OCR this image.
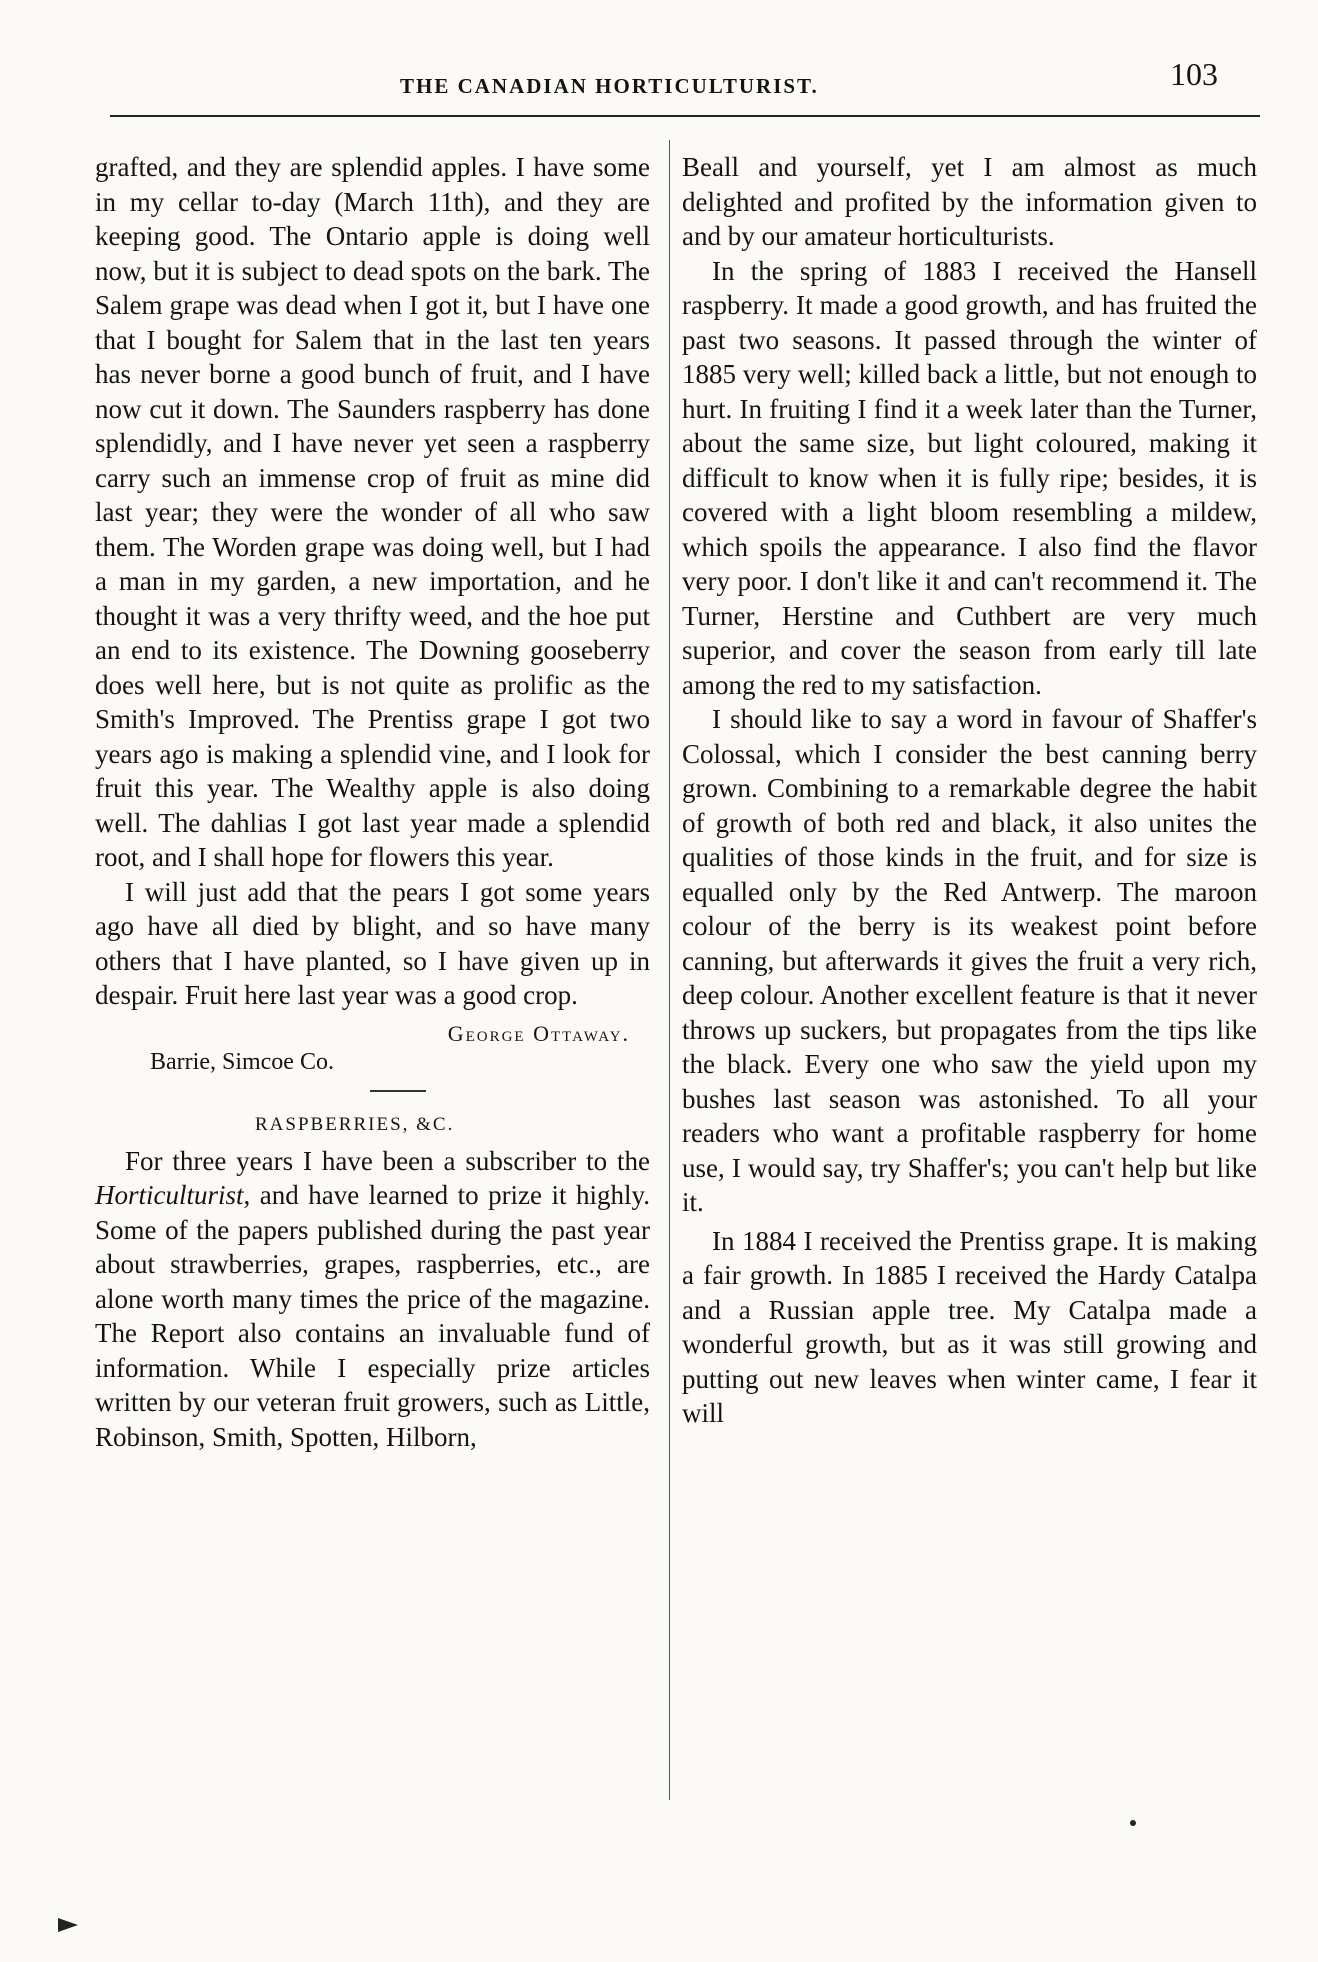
THE CANADIAN HORTICULTURIST.	103

grafted, and they are splendid apples. I have some in my cellar to-day (March 11th), and they are keeping good. The Ontario apple is doing well now, but it is subject to dead spots on the bark. The Salem grape was dead when I got it, but I have one that I bought for Salem that in the last ten years has never borne a good bunch of fruit, and I have now cut it down. The Saunders raspberry has done splendidly, and I have never yet seen a raspberry carry such an immense crop of fruit as mine did last year; they were the wonder of all who saw them. The Worden grape was doing well, but I had a man in my garden, a new importation, and he thought it was a very thrifty weed, and the hoe put an end to its existence. The Downing gooseberry does well here, but is not quite as prolific as the Smith's Improved. The Prentiss grape I got two years ago is making a splendid vine, and I look for fruit this year. The Wealthy apple is also doing well. The dahlias I got last year made a splendid root, and I shall hope for flowers this year.

I will just add that the pears I got some years ago have all died by blight, and so have many others that I have planted, so I have given up in despair. Fruit here last year was a good crop.

George Ottaway.
Barrie, Simcoe Co.
RASPBERRIES, &C.

For three years I have been a subscriber to the Horticulturist, and have learned to prize it highly. Some of the papers published during the past year about strawberries, grapes, raspberries, etc., are alone worth many times the price of the magazine. The Report also contains an invaluable fund of information. While I especially prize articles written by our veteran fruit growers, such as Little, Robinson, Smith, Spotten, Hilborn,

Beall and yourself, yet I am almost as much delighted and profited by the information given to and by our amateur horticulturists.

In the spring of 1883 I received the Hansell raspberry. It made a good growth, and has fruited the past two seasons. It passed through the winter of 1885 very well; killed back a little, but not enough to hurt. In fruiting I find it a week later than the Turner, about the same size, but light coloured, making it difficult to know when it is fully ripe; besides, it is covered with a light bloom resembling a mildew, which spoils the appearance. I also find the flavor very poor. I don't like it and can't recommend it. The Turner, Herstine and Cuthbert are very much superior, and cover the season from early till late among the red to my satisfaction.

I should like to say a word in favour of Shaffer's Colossal, which I consider the best canning berry grown. Combining to a remarkable degree the habit of growth of both red and black, it also unites the qualities of those kinds in the fruit, and for size is equalled only by the Red Antwerp. The maroon colour of the berry is its weakest point before canning, but afterwards it gives the fruit a very rich, deep colour. Another excellent feature is that it never throws up suckers, but propagates from the tips like the black. Every one who saw the yield upon my bushes last season was astonished. To all your readers who want a profitable raspberry for home use, I would say, try Shaffer's; you can't help but like it.

In 1884 I received the Prentiss grape. It is making a fair growth. In 1885 I received the Hardy Catalpa and a Russian apple tree. My Catalpa made a wonderful growth, but as it was still growing and putting out new leaves when winter came, I fear it will
